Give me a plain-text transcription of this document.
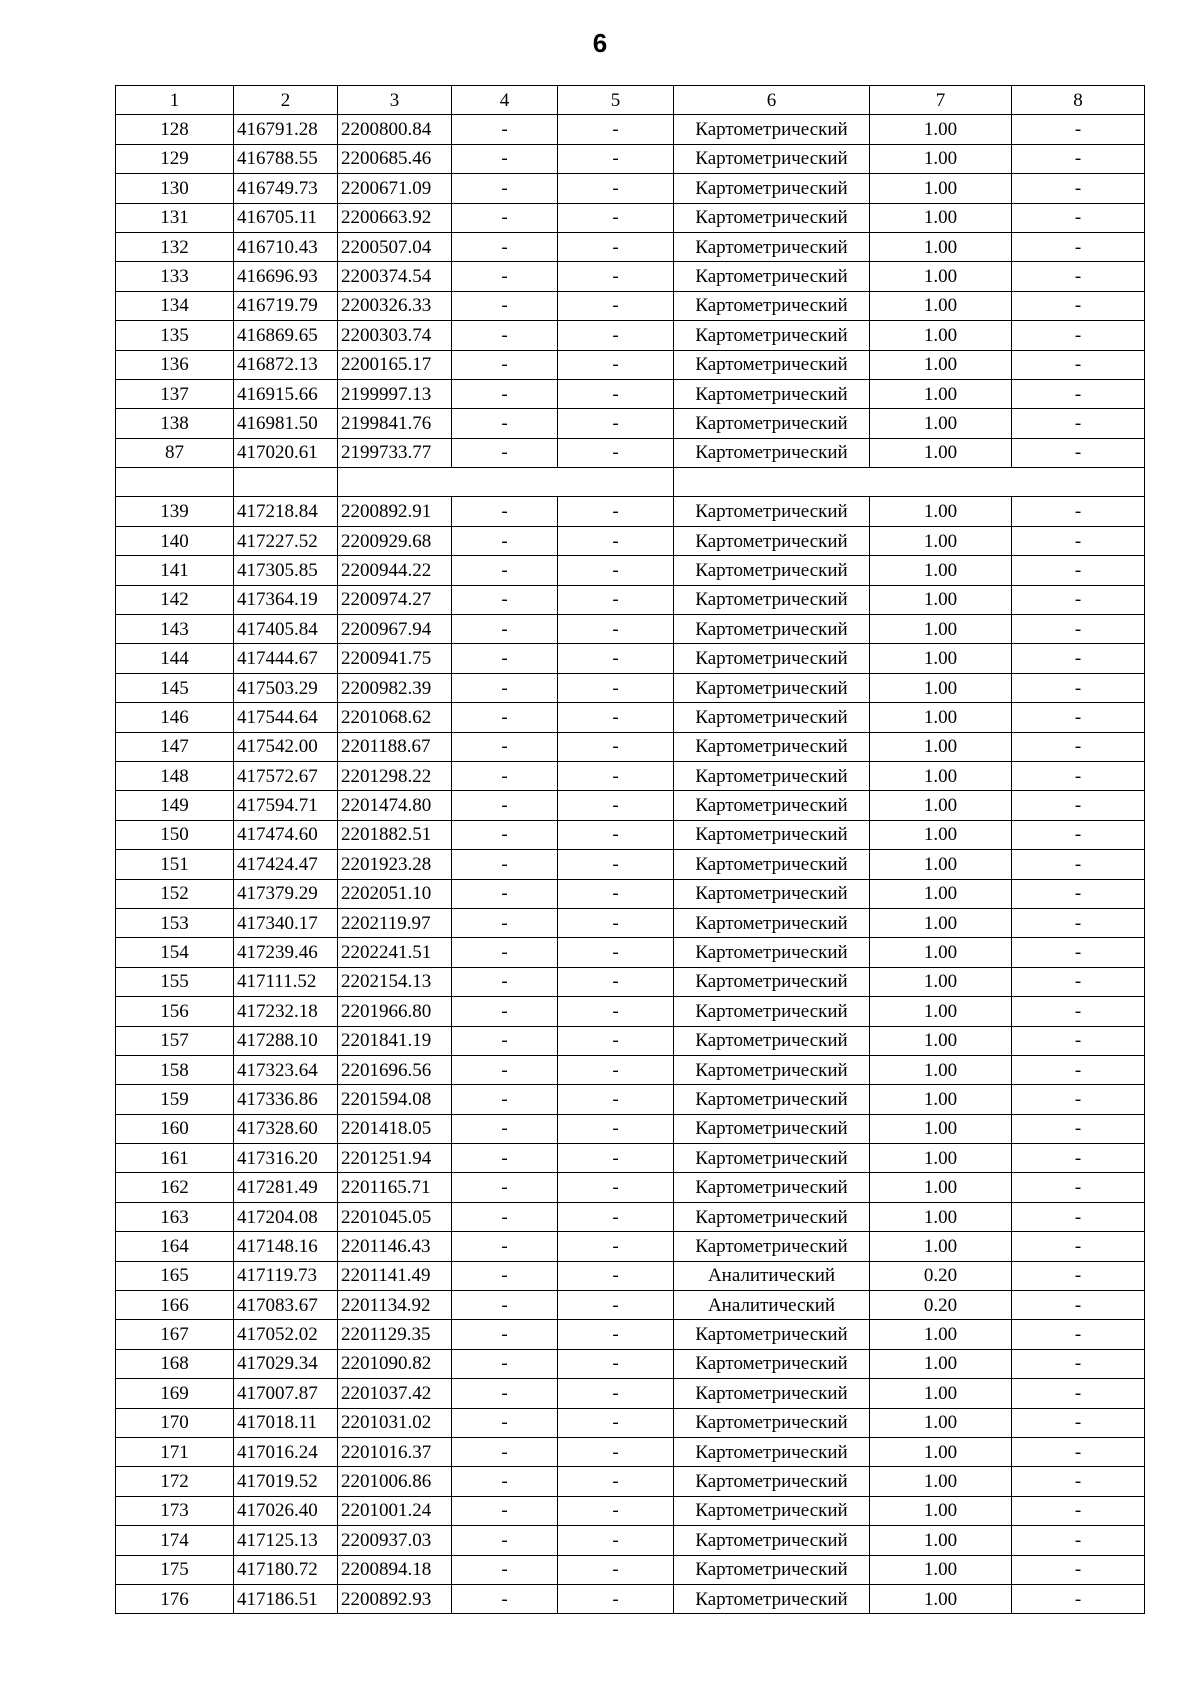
6
1	2	3	4	5	6	7	8
128	416791.28	2200800.84	-	-	Картометрический	1.00	-
129	416788.55	2200685.46	-	-	Картометрический	1.00	-
130	416749.73	2200671.09	-	-	Картометрический	1.00	-
131	416705.11	2200663.92	-	-	Картометрический	1.00	-
132	416710.43	2200507.04	-	-	Картометрический	1.00	-
133	416696.93	2200374.54	-	-	Картометрический	1.00	-
134	416719.79	2200326.33	-	-	Картометрический	1.00	-
135	416869.65	2200303.74	-	-	Картометрический	1.00	-
136	416872.13	2200165.17	-	-	Картометрический	1.00	-
137	416915.66	2199997.13	-	-	Картометрический	1.00	-
138	416981.50	2199841.76	-	-	Картометрический	1.00	-
87	417020.61	2199733.77	-	-	Картометрический	1.00	-

139	417218.84	2200892.91	-	-	Картометрический	1.00	-
140	417227.52	2200929.68	-	-	Картометрический	1.00	-
141	417305.85	2200944.22	-	-	Картометрический	1.00	-
142	417364.19	2200974.27	-	-	Картометрический	1.00	-
143	417405.84	2200967.94	-	-	Картометрический	1.00	-
144	417444.67	2200941.75	-	-	Картометрический	1.00	-
145	417503.29	2200982.39	-	-	Картометрический	1.00	-
146	417544.64	2201068.62	-	-	Картометрический	1.00	-
147	417542.00	2201188.67	-	-	Картометрический	1.00	-
148	417572.67	2201298.22	-	-	Картометрический	1.00	-
149	417594.71	2201474.80	-	-	Картометрический	1.00	-
150	417474.60	2201882.51	-	-	Картометрический	1.00	-
151	417424.47	2201923.28	-	-	Картометрический	1.00	-
152	417379.29	2202051.10	-	-	Картометрический	1.00	-
153	417340.17	2202119.97	-	-	Картометрический	1.00	-
154	417239.46	2202241.51	-	-	Картометрический	1.00	-
155	417111.52	2202154.13	-	-	Картометрический	1.00	-
156	417232.18	2201966.80	-	-	Картометрический	1.00	-
157	417288.10	2201841.19	-	-	Картометрический	1.00	-
158	417323.64	2201696.56	-	-	Картометрический	1.00	-
159	417336.86	2201594.08	-	-	Картометрический	1.00	-
160	417328.60	2201418.05	-	-	Картометрический	1.00	-
161	417316.20	2201251.94	-	-	Картометрический	1.00	-
162	417281.49	2201165.71	-	-	Картометрический	1.00	-
163	417204.08	2201045.05	-	-	Картометрический	1.00	-
164	417148.16	2201146.43	-	-	Картометрический	1.00	-
165	417119.73	2201141.49	-	-	Аналитический	0.20	-
166	417083.67	2201134.92	-	-	Аналитический	0.20	-
167	417052.02	2201129.35	-	-	Картометрический	1.00	-
168	417029.34	2201090.82	-	-	Картометрический	1.00	-
169	417007.87	2201037.42	-	-	Картометрический	1.00	-
170	417018.11	2201031.02	-	-	Картометрический	1.00	-
171	417016.24	2201016.37	-	-	Картометрический	1.00	-
172	417019.52	2201006.86	-	-	Картометрический	1.00	-
173	417026.40	2201001.24	-	-	Картометрический	1.00	-
174	417125.13	2200937.03	-	-	Картометрический	1.00	-
175	417180.72	2200894.18	-	-	Картометрический	1.00	-
176	417186.51	2200892.93	-	-	Картометрический	1.00	-
